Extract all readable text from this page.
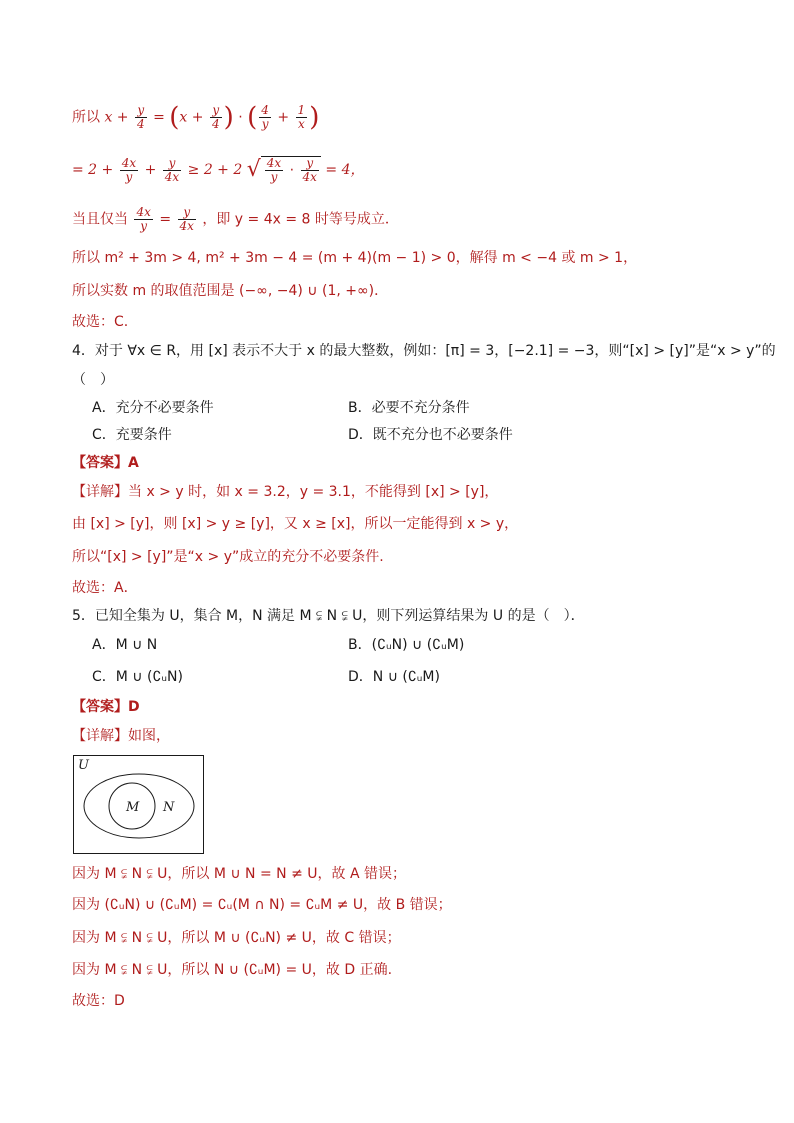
所以 $x + \frac{y}{4} = (x + \frac{y}{4}$ ) · ( $\frac{4}{y} + \frac{1}{x}$ )
= $2 + \frac{4x}{y} + \frac{y}{4x} \ge 2 + 2$ √ $\frac{4x}{y} \cdot \frac{y}{4x} = 4$，
当且仅当 $\frac{4x}{y} = \frac{y}{4x}$ ，即 y = 4x = 8 时等号成立．
所以 m² + 3m > 4, m² + 3m − 4 = (m + 4)(m − 1) > 0，解得 m < −4 或 m > 1，
所以实数 m 的取值范围是 (−∞, −4) ∪ (1, +∞)．
故选：C.
4．对于 ∀x ∈ R，用 [x] 表示不大于 x 的最大整数，例如：[π] = 3，[−2.1] = −3，则“[x] > [y]”是“x > y”的
（　）
A．充分不必要条件	B．必要不充分条件
C．充要条件	D．既不充分也不必要条件
【答案】A
【详解】当 x > y 时，如 x = 3.2，y = 3.1，不能得到 [x] > [y]，
由 [x] > [y]，则 [x] > y ≥ [y]，又 x ≥ [x]，所以一定能得到 x > y，
所以“[x] > [y]”是“x > y”成立的充分不必要条件.
故选：A．
5．已知全集为 U，集合 M，N 满足 M ⫋ N ⫋ U，则下列运算结果为 U 的是（　）．
A．M ∪ N	B．(∁ᵤN) ∪ (∁ᵤM)
C．M ∪ (∁ᵤN)	D．N ∪ (∁ᵤM)
【答案】D
【详解】如图，
U
M N
因为 M ⫋ N ⫋ U，所以 M ∪ N = N ≠ U，故 A 错误；
因为 (∁ᵤN) ∪ (∁ᵤM) = ∁ᵤ(M ∩ N) = ∁ᵤM ≠ U，故 B 错误；
因为 M ⫋ N ⫋ U，所以 M ∪ (∁ᵤN) ≠ U，故 C 错误；
因为 M ⫋ N ⫋ U，所以 N ∪ (∁ᵤM) = U，故 D 正确.
故选：D
